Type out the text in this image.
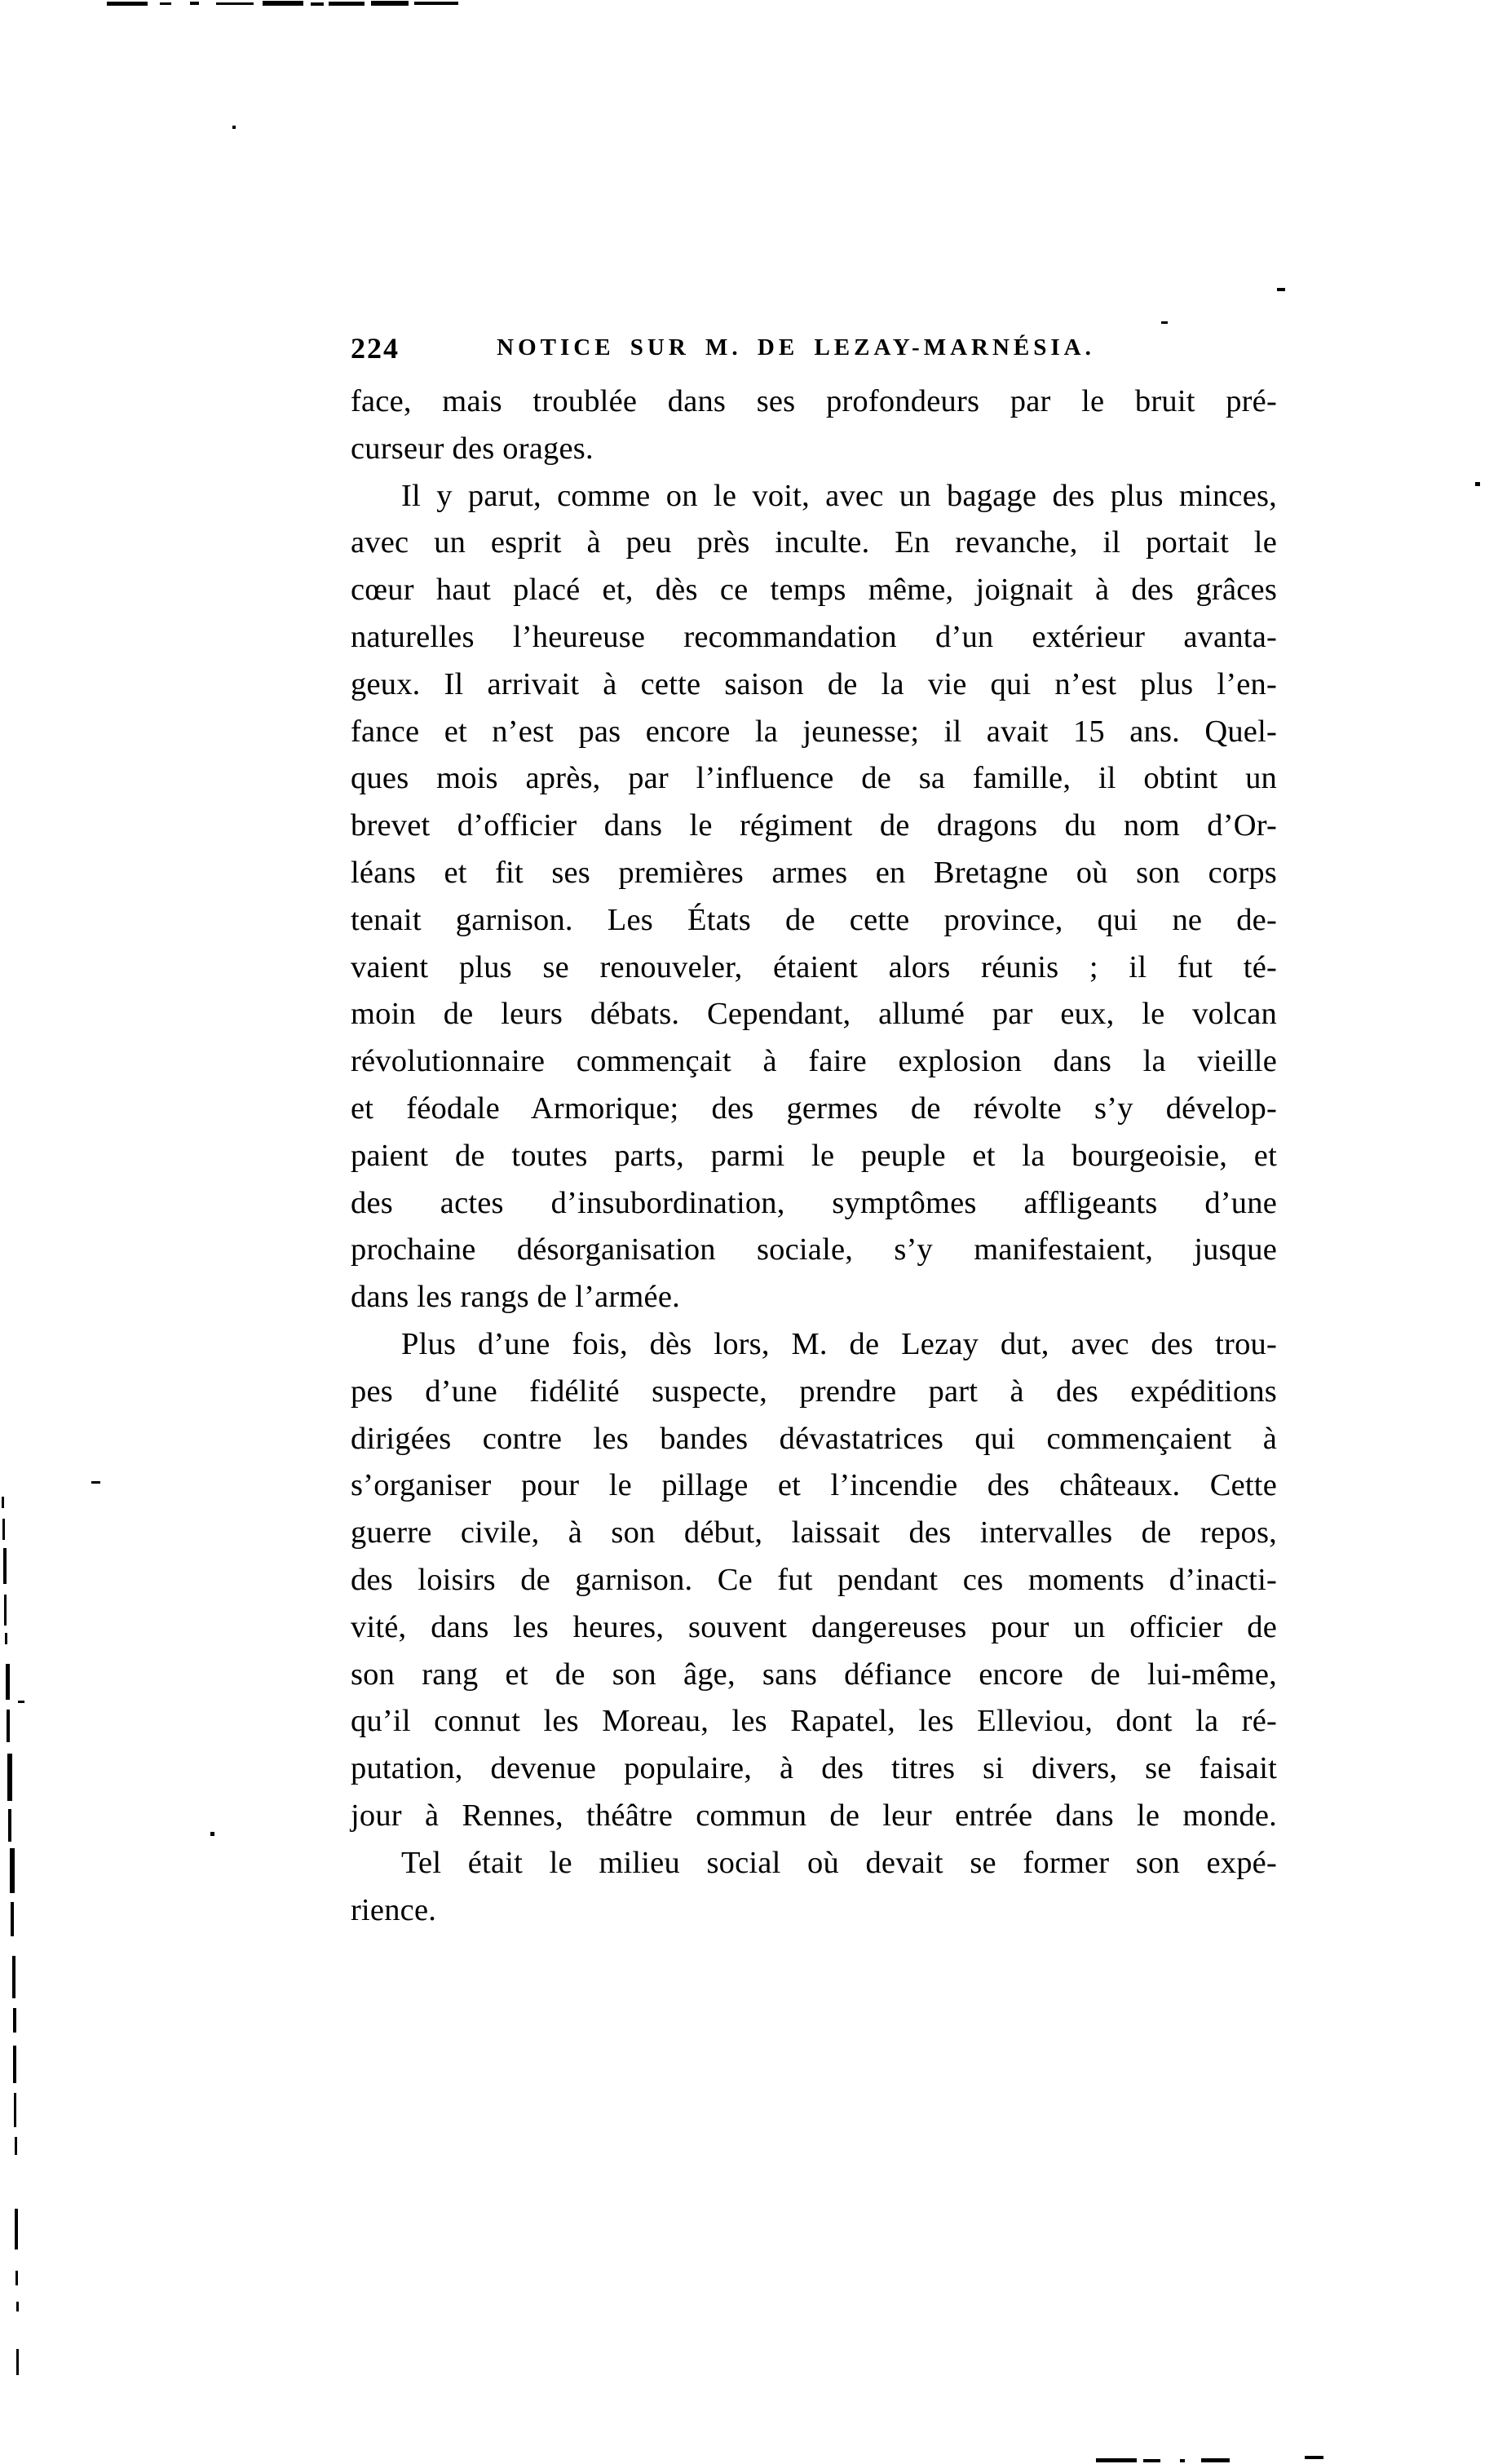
224	NOTICE SUR M. DE LEZAY-MARNÉSIA.
face, mais troublée dans ses profondeurs par le bruit pré-
curseur des orages.
Il y parut, comme on le voit, avec un bagage des plus minces,
avec un esprit à peu près inculte. En revanche, il portait le
cœur haut placé et, dès ce temps même, joignait à des grâces
naturelles l’heureuse recommandation d’un extérieur avanta-
geux. Il arrivait à cette saison de la vie qui n’est plus l’en-
fance et n’est pas encore la jeunesse; il avait 15 ans. Quel-
ques mois après, par l’influence de sa famille, il obtint un
brevet d’officier dans le régiment de dragons du nom d’Or-
léans et fit ses premières armes en Bretagne où son corps
tenait garnison. Les États de cette province, qui ne de-
vaient plus se renouveler, étaient alors réunis ; il fut té-
moin de leurs débats. Cependant, allumé par eux, le volcan
révolutionnaire commençait à faire explosion dans la vieille
et féodale Armorique; des germes de révolte s’y dévelop-
paient de toutes parts, parmi le peuple et la bourgeoisie, et
des actes d’insubordination, symptômes affligeants d’une
prochaine désorganisation sociale, s’y manifestaient, jusque
dans les rangs de l’armée.
Plus d’une fois, dès lors, M. de Lezay dut, avec des trou-
pes d’une fidélité suspecte, prendre part à des expéditions
dirigées contre les bandes dévastatrices qui commençaient à
s’organiser pour le pillage et l’incendie des châteaux. Cette
guerre civile, à son début, laissait des intervalles de repos,
des loisirs de garnison. Ce fut pendant ces moments d’inacti-
vité, dans les heures, souvent dangereuses pour un officier de
son rang et de son âge, sans défiance encore de lui-même,
qu’il connut les Moreau, les Rapatel, les Elleviou, dont la ré-
putation, devenue populaire, à des titres si divers, se faisait
jour à Rennes, théâtre commun de leur entrée dans le monde.
Tel était le milieu social où devait se former son expé-
rience.
